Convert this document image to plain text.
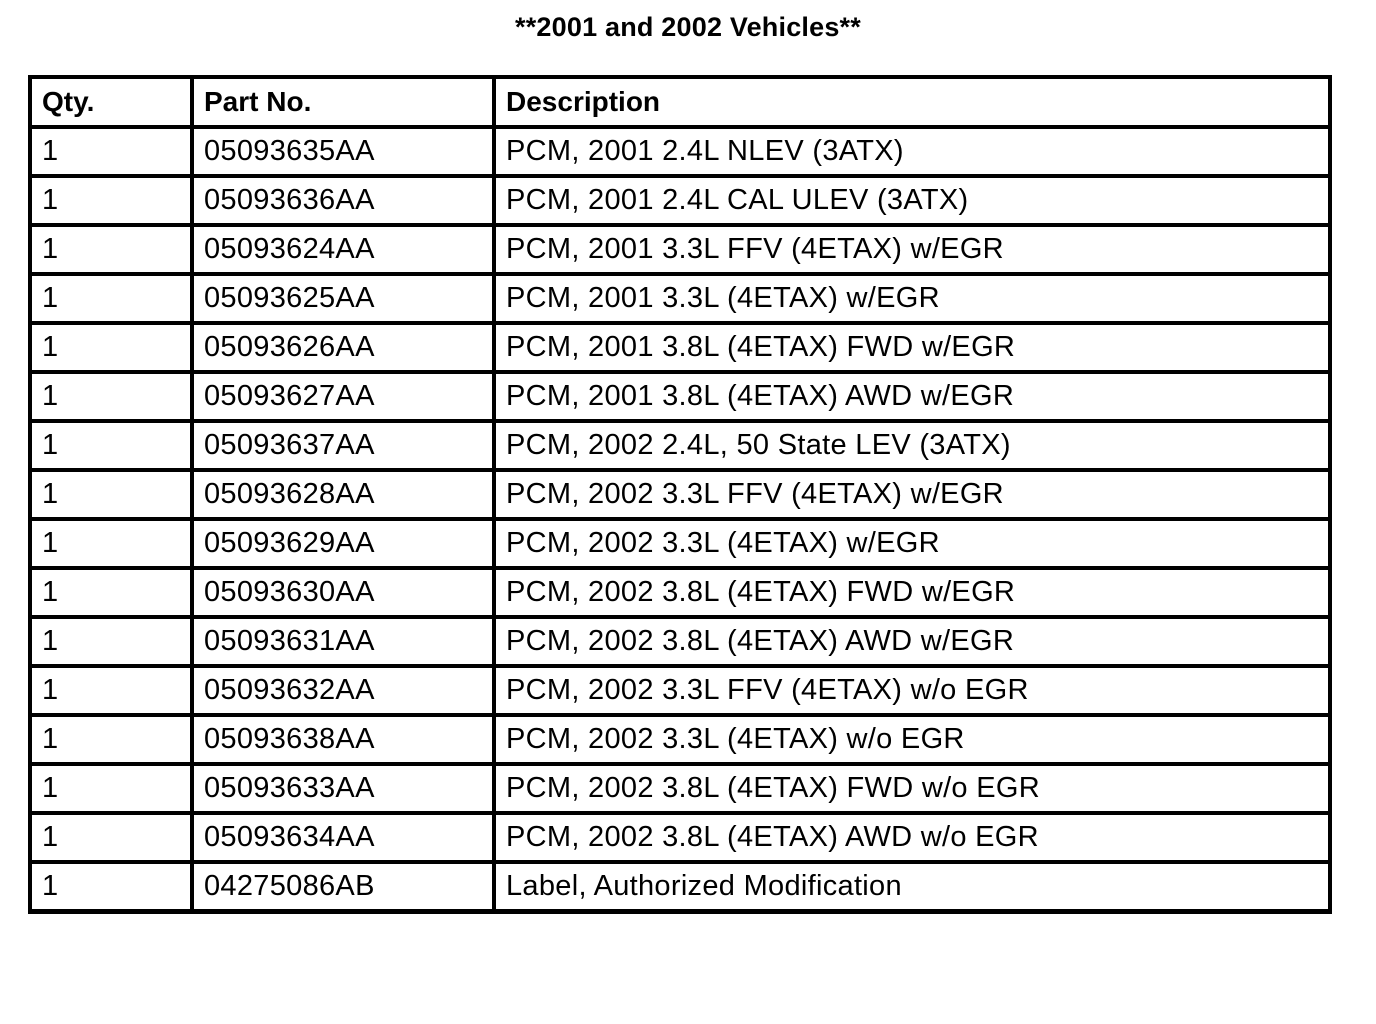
**2001 and 2002 Vehicles**
Qty.	Part No.	Description
1	05093635AA	PCM, 2001 2.4L NLEV (3ATX)
1	05093636AA	PCM, 2001 2.4L CAL ULEV (3ATX)
1	05093624AA	PCM, 2001 3.3L FFV (4ETAX) w/EGR
1	05093625AA	PCM, 2001 3.3L (4ETAX) w/EGR
1	05093626AA	PCM, 2001 3.8L (4ETAX) FWD w/EGR
1	05093627AA	PCM, 2001 3.8L (4ETAX) AWD w/EGR
1	05093637AA	PCM, 2002 2.4L, 50 State LEV (3ATX)
1	05093628AA	PCM, 2002 3.3L FFV (4ETAX) w/EGR
1	05093629AA	PCM, 2002 3.3L (4ETAX) w/EGR
1	05093630AA	PCM, 2002 3.8L (4ETAX) FWD w/EGR
1	05093631AA	PCM, 2002 3.8L (4ETAX) AWD w/EGR
1	05093632AA	PCM, 2002 3.3L FFV (4ETAX) w/o EGR
1	05093638AA	PCM, 2002 3.3L (4ETAX) w/o EGR
1	05093633AA	PCM, 2002 3.8L (4ETAX) FWD w/o EGR
1	05093634AA	PCM, 2002 3.8L (4ETAX) AWD w/o EGR
1	04275086AB	Label, Authorized Modification
